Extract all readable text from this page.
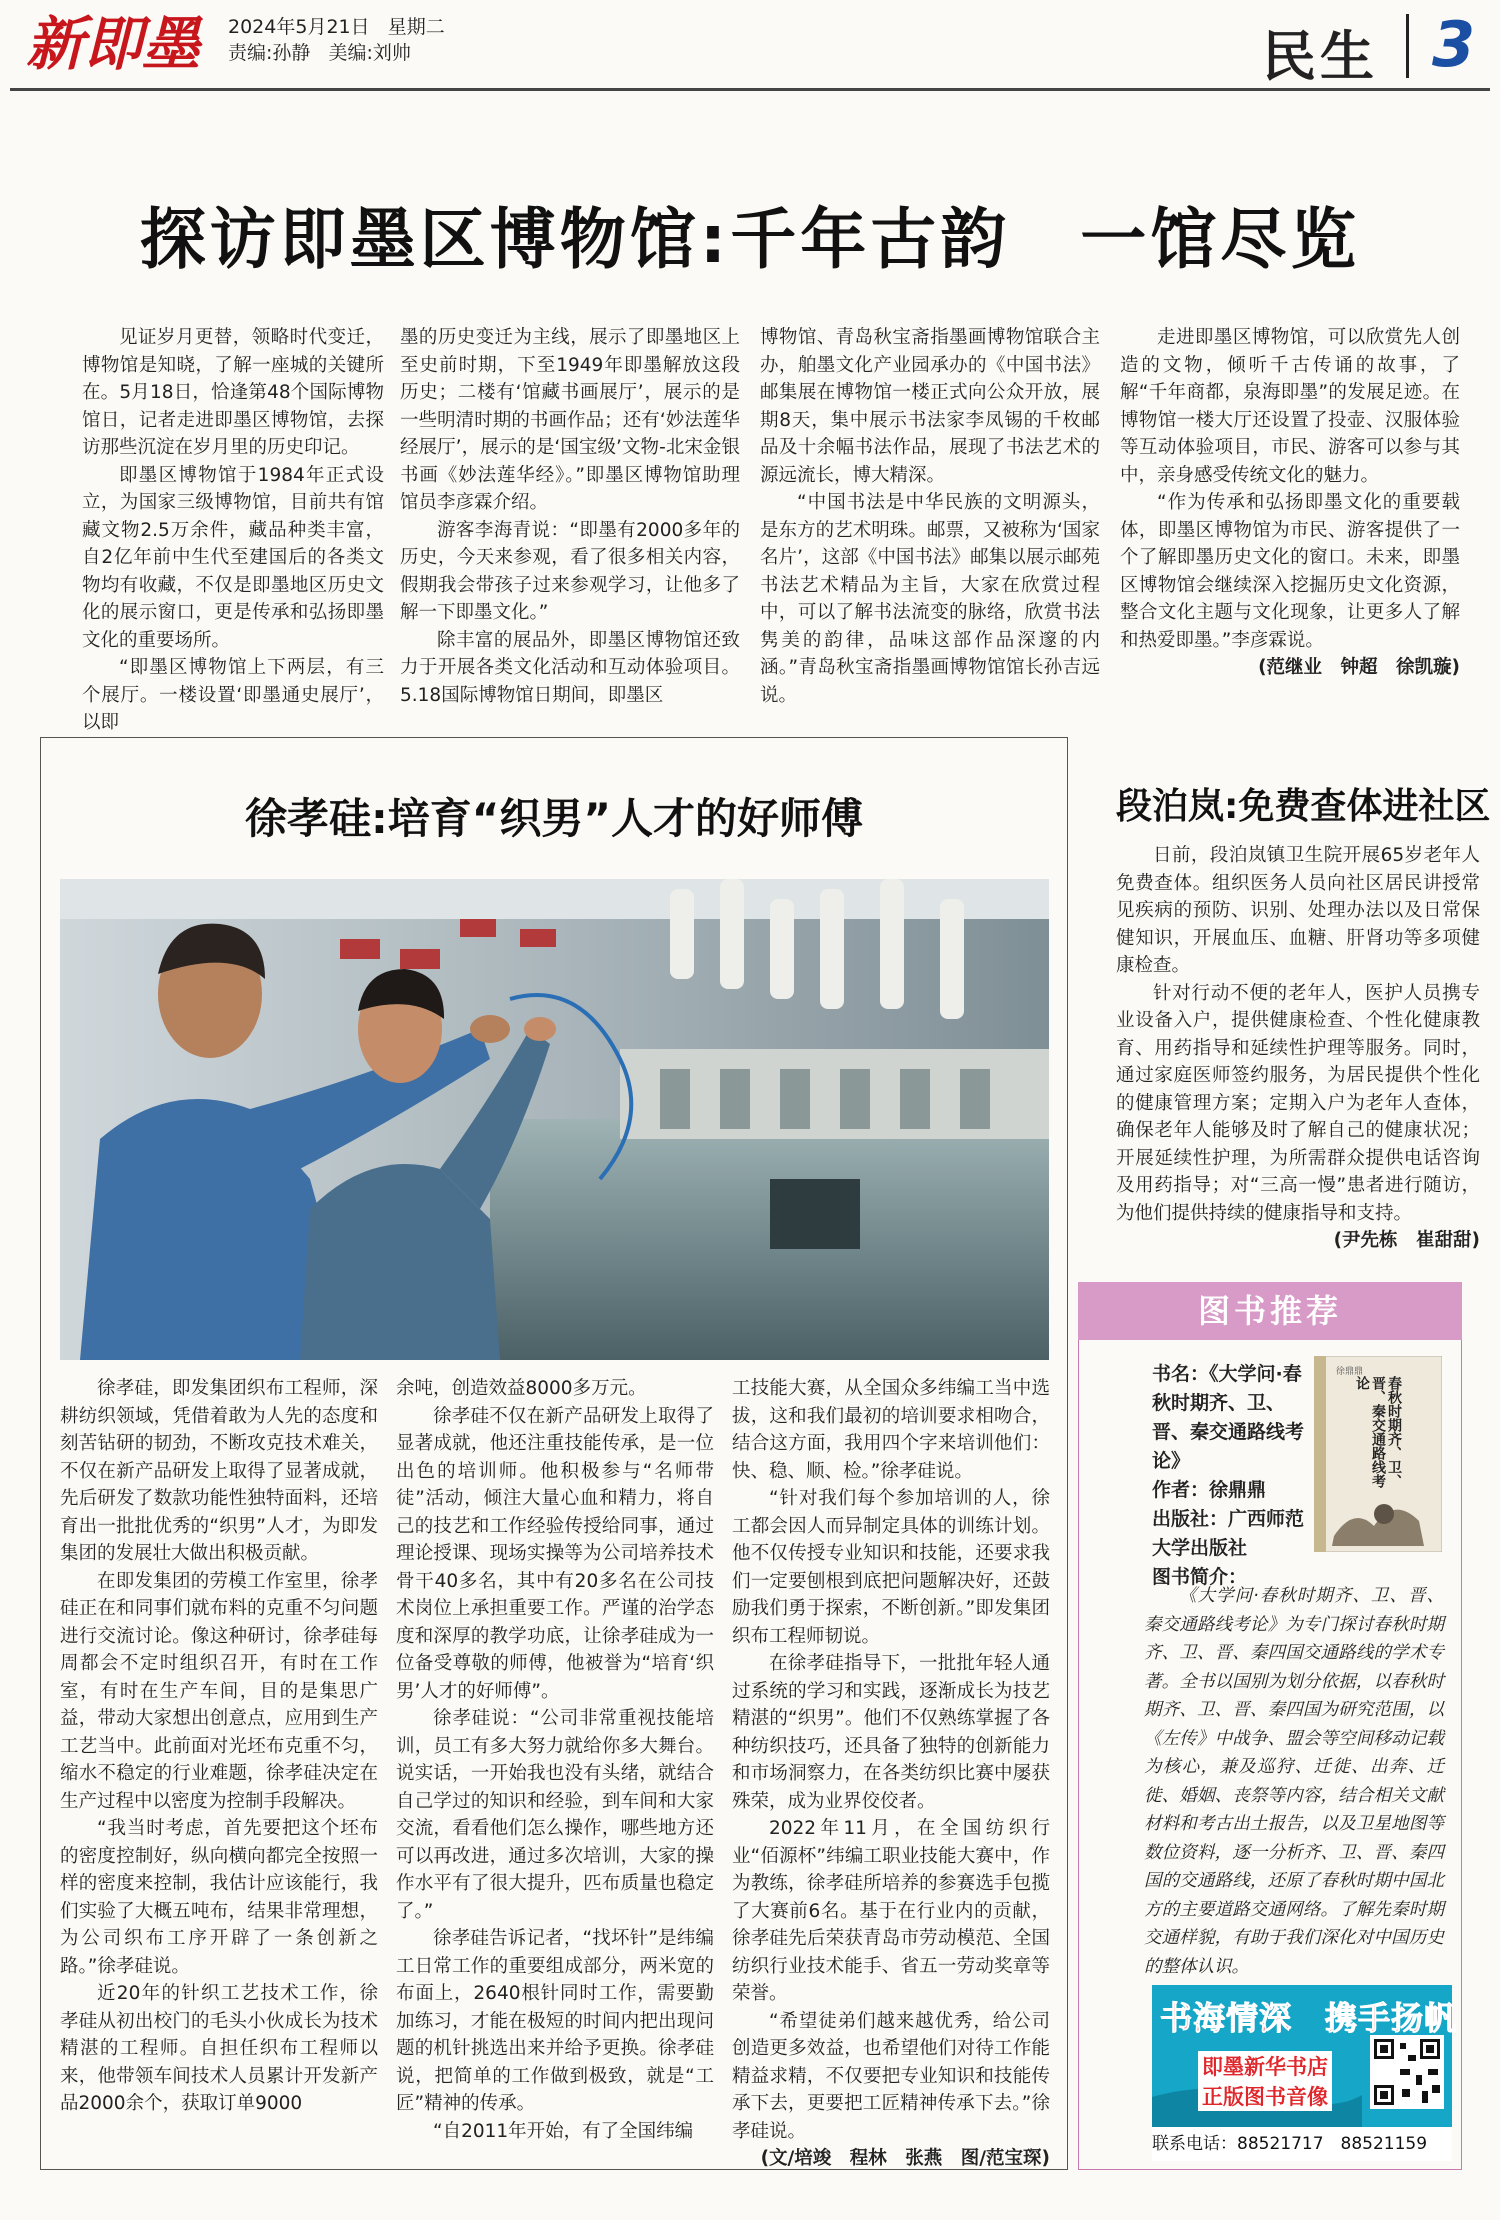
新即墨 2024年5月21日 星期二
责编:孙静 美编:刘帅	民生 3
探访即墨区博物馆:千年古韵　一馆尽览

见证岁月更替，领略时代变迁，博物馆是知晓，了解一座城的关键所在。5月18日，恰逢第48个国际博物馆日，记者走进即墨区博物馆，去探访那些沉淀在岁月里的历史印记。

即墨区博物馆于1984年正式设立，为国家三级博物馆，目前共有馆藏文物2.5万余件，藏品种类丰富，自2亿年前中生代至建国后的各类文物均有收藏，不仅是即墨地区历史文化的展示窗口，更是传承和弘扬即墨文化的重要场所。

“即墨区博物馆上下两层，有三个展厅。一楼设置‘即墨通史展厅’，以即

墨的历史变迁为主线，展示了即墨地区上至史前时期，下至1949年即墨解放这段历史；二楼有‘馆藏书画展厅’，展示的是一些明清时期的书画作品；还有‘妙法莲华经展厅’，展示的是‘国宝级’文物-北宋金银书画《妙法莲华经》。”即墨区博物馆助理馆员李彦霖介绍。

游客李海青说：“即墨有2000多年的历史，今天来参观，看了很多相关内容，假期我会带孩子过来参观学习，让他多了解一下即墨文化。”

除丰富的展品外，即墨区博物馆还致力于开展各类文化活动和互动体验项目。5.18国际博物馆日期间，即墨区

博物馆、青岛秋宝斋指墨画博物馆联合主办，舶墨文化产业园承办的《中国书法》邮集展在博物馆一楼正式向公众开放，展期8天，集中展示书法家李凤锡的千枚邮品及十余幅书法作品，展现了书法艺术的源远流长，博大精深。

“中国书法是中华民族的文明源头，是东方的艺术明珠。邮票，又被称为‘国家名片’，这部《中国书法》邮集以展示邮苑书法艺术精品为主旨，大家在欣赏过程中，可以了解书法流变的脉络，欣赏书法隽美的韵律，品味这部作品深邃的内涵。”青岛秋宝斋指墨画博物馆馆长孙吉远说。

走进即墨区博物馆，可以欣赏先人创造的文物，倾听千古传诵的故事，了解“千年商都，泉海即墨”的发展足迹。在博物馆一楼大厅还设置了投壶、汉服体验等互动体验项目，市民、游客可以参与其中，亲身感受传统文化的魅力。

“作为传承和弘扬即墨文化的重要载体，即墨区博物馆为市民、游客提供了一个了解即墨历史文化的窗口。未来，即墨区博物馆会继续深入挖掘历史文化资源，整合文化主题与文化现象，让更多人了解和热爱即墨。”李彦霖说。

(范继业　钟超　徐凯璇)

徐孝硅:培育“织男”人才的好师傅

徐孝硅，即发集团织布工程师，深耕纺织领域，凭借着敢为人先的态度和刻苦钻研的韧劲，不断攻克技术难关，不仅在新产品研发上取得了显著成就，先后研发了数款功能性独特面料，还培育出一批批优秀的“织男”人才，为即发集团的发展壮大做出积极贡献。

在即发集团的劳模工作室里，徐孝硅正在和同事们就布料的克重不匀问题进行交流讨论。像这种研讨，徐孝硅每周都会不定时组织召开，有时在工作室，有时在生产车间，目的是集思广益，带动大家想出创意点，应用到生产工艺当中。此前面对光坯布克重不匀，缩水不稳定的行业难题，徐孝硅决定在生产过程中以密度为控制手段解决。

“我当时考虑，首先要把这个坯布的密度控制好，纵向横向都完全按照一样的密度来控制，我估计应该能行，我们实验了大概五吨布，结果非常理想，为公司织布工序开辟了一条创新之路。”徐孝硅说。

近20年的针织工艺技术工作，徐孝硅从初出校门的毛头小伙成长为技术精湛的工程师。自担任织布工程师以来，他带领车间技术人员累计开发新产品2000余个，获取订单9000

余吨，创造效益8000多万元。

徐孝硅不仅在新产品研发上取得了显著成就，他还注重技能传承，是一位出色的培训师。他积极参与“名师带徒”活动，倾注大量心血和精力，将自己的技艺和工作经验传授给同事，通过理论授课、现场实操等为公司培养技术骨干40多名，其中有20多名在公司技术岗位上承担重要工作。严谨的治学态度和深厚的教学功底，让徐孝硅成为一位备受尊敬的师傅，他被誉为“培育‘织男’人才的好师傅”。

徐孝硅说：“公司非常重视技能培训，员工有多大努力就给你多大舞台。说实话，一开始我也没有头绪，就结合自己学过的知识和经验，到车间和大家交流，看看他们怎么操作，哪些地方还可以再改进，通过多次培训，大家的操作水平有了很大提升，匹布质量也稳定了。”

徐孝硅告诉记者，“找坏针”是纬编工日常工作的重要组成部分，两米宽的布面上，2640根针同时工作，需要勤加练习，才能在极短的时间内把出现问题的机针挑选出来并给予更换。徐孝硅说，把简单的工作做到极致，就是“工匠”精神的传承。

“自2011年开始，有了全国纬编

工技能大赛，从全国众多纬编工当中选拔，这和我们最初的培训要求相吻合，结合这方面，我用四个字来培训他们：快、稳、顺、检。”徐孝硅说。

“针对我们每个参加培训的人，徐工都会因人而异制定具体的训练计划。他不仅传授专业知识和技能，还要求我们一定要刨根到底把问题解决好，还鼓励我们勇于探索，不断创新。”即发集团织布工程师韧说。

在徐孝硅指导下，一批批年轻人通过系统的学习和实践，逐渐成长为技艺精湛的“织男”。他们不仅熟练掌握了各种纺织技巧，还具备了独特的创新能力和市场洞察力，在各类纺织比赛中屡获殊荣，成为业界佼佼者。

2022年11月，在全国纺织行业“佰源杯”纬编工职业技能大赛中，作为教练，徐孝硅所培养的参赛选手包揽了大赛前6名。基于在行业内的贡献，徐孝硅先后荣获青岛市劳动模范、全国纺织行业技术能手、省五一劳动奖章等荣誉。

“希望徒弟们越来越优秀，给公司创造更多效益，也希望他们对待工作能精益求精，不仅要把专业知识和技能传承下去，更要把工匠精神传承下去。”徐孝硅说。

(文/培竣　程林　张燕　图/范宝琛)

段泊岚:免费查体进社区

日前，段泊岚镇卫生院开展65岁老年人免费查体。组织医务人员向社区居民讲授常见疾病的预防、识别、处理办法以及日常保健知识，开展血压、血糖、肝肾功等多项健康检查。

针对行动不便的老年人，医护人员携专业设备入户，提供健康检查、个性化健康教育、用药指导和延续性护理等服务。同时，通过家庭医师签约服务，为居民提供个性化的健康管理方案；定期入户为老年人查体，确保老年人能够及时了解自己的健康状况；开展延续性护理，为所需群众提供电话咨询及用药指导；对“三高一慢”患者进行随访，为他们提供持续的健康指导和支持。

(尹先栋　崔甜甜)

图书推荐

书名：《大学问·春秋时期齐、卫、晋、秦交通路线考论》

作者：徐鼎鼎

出版社：广西师范大学出版社

图书简介：

徐鼎鼎
春秋时期齐、卫、晋、秦交通路线考论

《大学问·春秋时期齐、卫、晋、秦交通路线考论》为专门探讨春秋时期齐、卫、晋、秦四国交通路线的学术专著。全书以国别为划分依据，以春秋时期齐、卫、晋、秦四国为研究范围，以《左传》中战争、盟会等空间移动记载为核心，兼及巡狩、迁徙、出奔、迁徙、婚姻、丧祭等内容，结合相关文献材料和考古出土报告，以及卫星地图等数位资料，逐一分析齐、卫、晋、秦四国的交通路线，还原了春秋时期中国北方的主要道路交通网络。了解先秦时期交通样貌，有助于我们深化对中国历史的整体认识。

书海情深　携手扬帆
即墨新华书店
正版图书音像
联系电话：88521717　88521159
